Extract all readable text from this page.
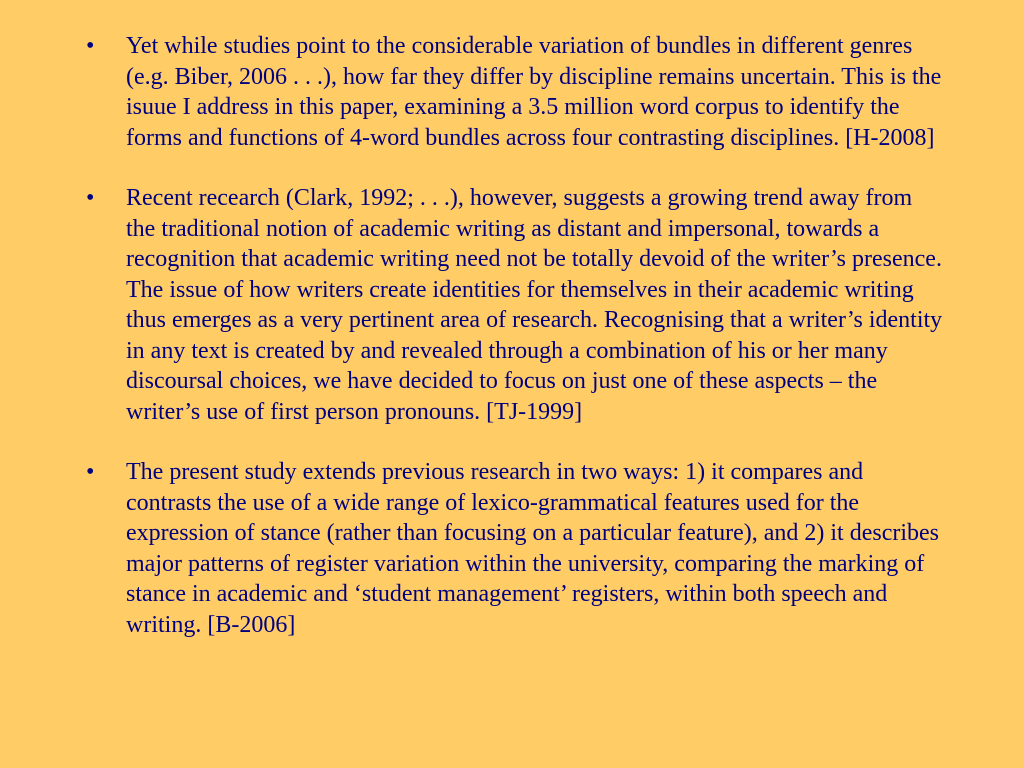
• Yet while studies point to the considerable variation of bundles in different genres (e.g. Biber, 2006 . . .), how far they differ by discipline remains uncertain. This is the isuue I address in this paper, examining a 3.5 million word corpus to identify the forms and functions of 4-word bundles across four contrasting disciplines. [H-2008]
• Recent recearch (Clark, 1992; . . .), however, suggests a growing trend away from the traditional notion of academic writing as distant and impersonal, towards a recognition that academic writing need not be totally devoid of the writer’s presence. The issue of how writers create identities for themselves in their academic writing thus emerges as a very pertinent area of research. Recognising that a writer’s identity in any text is created by and revealed through a combination of his or her many discoursal choices, we have decided to focus on just one of these aspects – the writer’s use of first person pronouns. [TJ-1999]
• The present study extends previous research in two ways: 1) it compares and contrasts the use of a wide range of lexico-grammatical features used for the expression of stance (rather than focusing on a particular feature), and 2) it describes major patterns of register variation within the university, comparing the marking of stance in academic and ‘student management’ registers, within both speech and writing. [B-2006]
